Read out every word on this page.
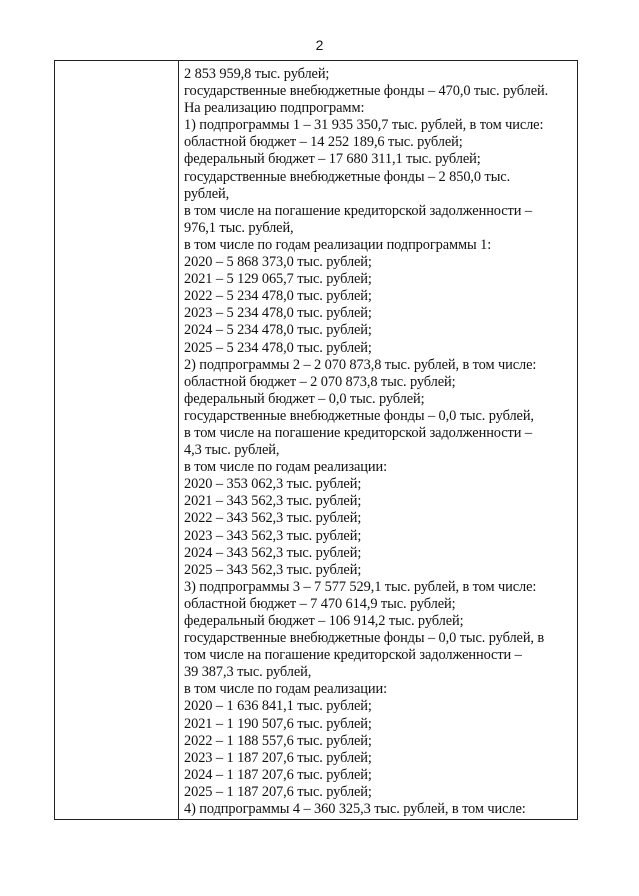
2
2 853 959,8 тыс. рублей;
государственные внебюджетные фонды – 470,0 тыс. рублей.
На реализацию подпрограмм:
1) подпрограммы 1 – 31 935 350,7 тыс. рублей, в том числе:
областной бюджет – 14 252 189,6 тыс. рублей;
федеральный бюджет – 17 680 311,1 тыс. рублей;
государственные внебюджетные фонды – 2 850,0 тыс.
рублей,
в том числе на погашение кредиторской задолженности –
976,1 тыс. рублей,
в том числе по годам реализации подпрограммы 1:
2020 – 5 868 373,0 тыс. рублей;
2021 – 5 129 065,7 тыс. рублей;
2022 – 5 234 478,0 тыс. рублей;
2023 – 5 234 478,0 тыс. рублей;
2024 – 5 234 478,0 тыс. рублей;
2025 – 5 234 478,0 тыс. рублей;
2) подпрограммы 2 – 2 070 873,8 тыс. рублей, в том числе:
областной бюджет – 2 070 873,8 тыс. рублей;
федеральный бюджет – 0,0 тыс. рублей;
государственные внебюджетные фонды – 0,0 тыс. рублей,
в том числе на погашение кредиторской задолженности –
4,3 тыс. рублей,
в том числе по годам реализации:
2020 – 353 062,3 тыс. рублей;
2021 – 343 562,3 тыс. рублей;
2022 – 343 562,3 тыс. рублей;
2023 – 343 562,3 тыс. рублей;
2024 – 343 562,3 тыс. рублей;
2025 – 343 562,3 тыс. рублей;
3) подпрограммы 3 – 7 577 529,1 тыс. рублей, в том числе:
областной бюджет – 7 470 614,9 тыс. рублей;
федеральный бюджет – 106 914,2 тыс. рублей;
государственные внебюджетные фонды – 0,0 тыс. рублей, в
том числе на погашение кредиторской задолженности –
39 387,3 тыс. рублей,
в том числе по годам реализации:
2020 – 1 636 841,1 тыс. рублей;
2021 – 1 190 507,6 тыс. рублей;
2022 – 1 188 557,6 тыс. рублей;
2023 – 1 187 207,6 тыс. рублей;
2024 – 1 187 207,6 тыс. рублей;
2025 – 1 187 207,6 тыс. рублей;
4) подпрограммы 4 – 360 325,3 тыс. рублей, в том числе:
